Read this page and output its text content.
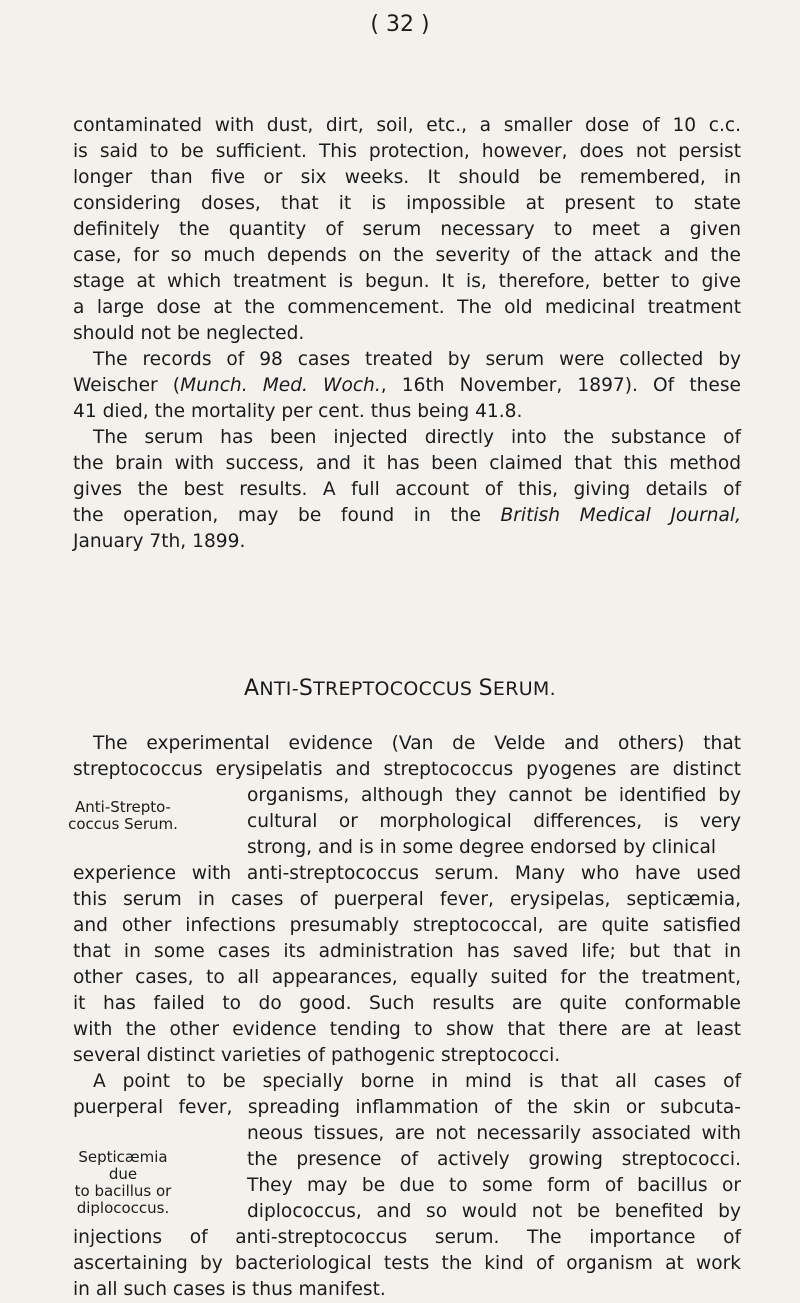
( 32 )
contaminated with dust, dirt, soil, etc., a smaller dose of 10 c.c.
is said to be sufficient. This protection, however, does not persist
longer than five or six weeks. It should be remembered, in
considering doses, that it is impossible at present to state
definitely the quantity of serum necessary to meet a given
case, for so much depends on the severity of the attack and the
stage at which treatment is begun. It is, therefore, better to give
a large dose at the commencement. The old medicinal treatment
should not be neglected.
The records of 98 cases treated by serum were collected by
Weischer (Munch. Med. Woch., 16th November, 1897). Of these
41 died, the mortality per cent. thus being 41.8.
The serum has been injected directly into the substance of
the brain with success, and it has been claimed that this method
gives the best results. A full account of this, giving details of
the operation, may be found in the British Medical Journal,
January 7th, 1899.
ANTI-STREPTOCOCCUS SERUM.
The experimental evidence (Van de Velde and others) that
streptococcus erysipelatis and streptococcus pyogenes are distinct
organisms, although they cannot be identified by
cultural or morphological differences, is very
strong, and is in some degree endorsed by clinical
experience with anti-streptococcus serum. Many who have used
this serum in cases of puerperal fever, erysipelas, septicæmia,
and other infections presumably streptococcal, are quite satisfied
that in some cases its administration has saved life; but that in
other cases, to all appearances, equally suited for the treatment,
it has failed to do good. Such results are quite conformable
with the other evidence tending to show that there are at least
several distinct varieties of pathogenic streptococci.
A point to be specially borne in mind is that all cases of
puerperal fever, spreading inflammation of the skin or subcuta-
neous tissues, are not necessarily associated with
the presence of actively growing streptococci.
They may be due to some form of bacillus or
diplococcus, and so would not be benefited by
injections of anti-streptococcus serum. The importance of
ascertaining by bacteriological tests the kind of organism at work
in all such cases is thus manifest.
Anti-Strepto-
coccus Serum.
Septicæmia due
to bacillus or
diplococcus.
